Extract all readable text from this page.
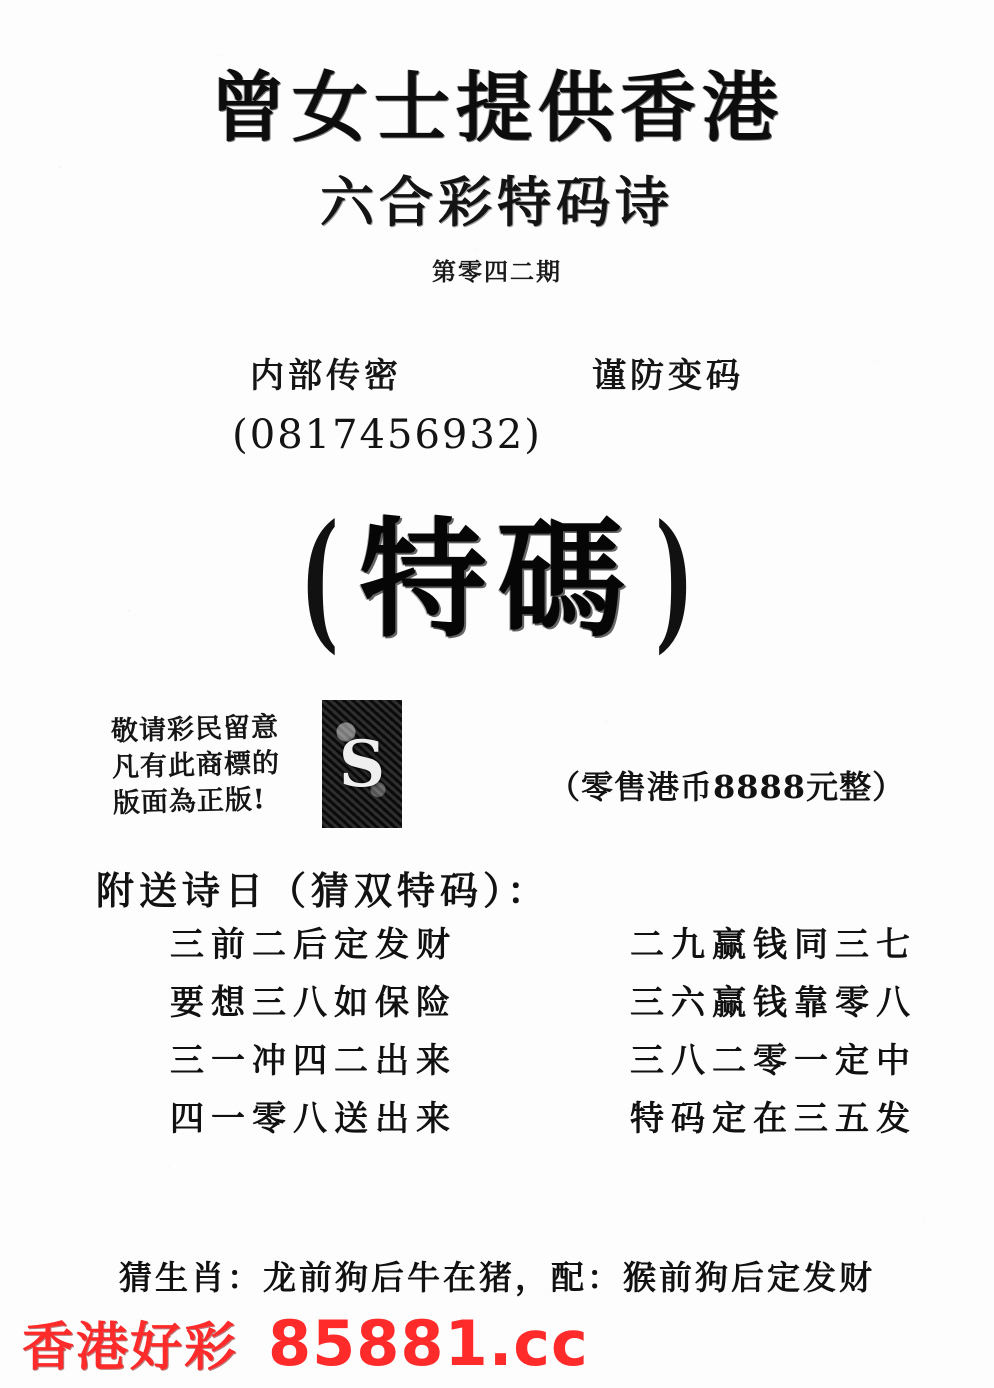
曾女士提供香港
六合彩特码诗
第零四二期
内部传密	谨防变码
(0817456932)
( 特碼 )
敬请彩民留意
凡有此商標的
版面為正版!
S	（零售港币8888元整）
附送诗日（猜双特码）：
三前二后定发财
要想三八如保险
三一冲四二出来
四一零八送出来
二九赢钱同三七
三六赢钱靠零八
三八二零一定中
特码定在三五发
猜生肖：龙前狗后牛在猪，配：猴前狗后定发财
香港好彩 85881.cc
